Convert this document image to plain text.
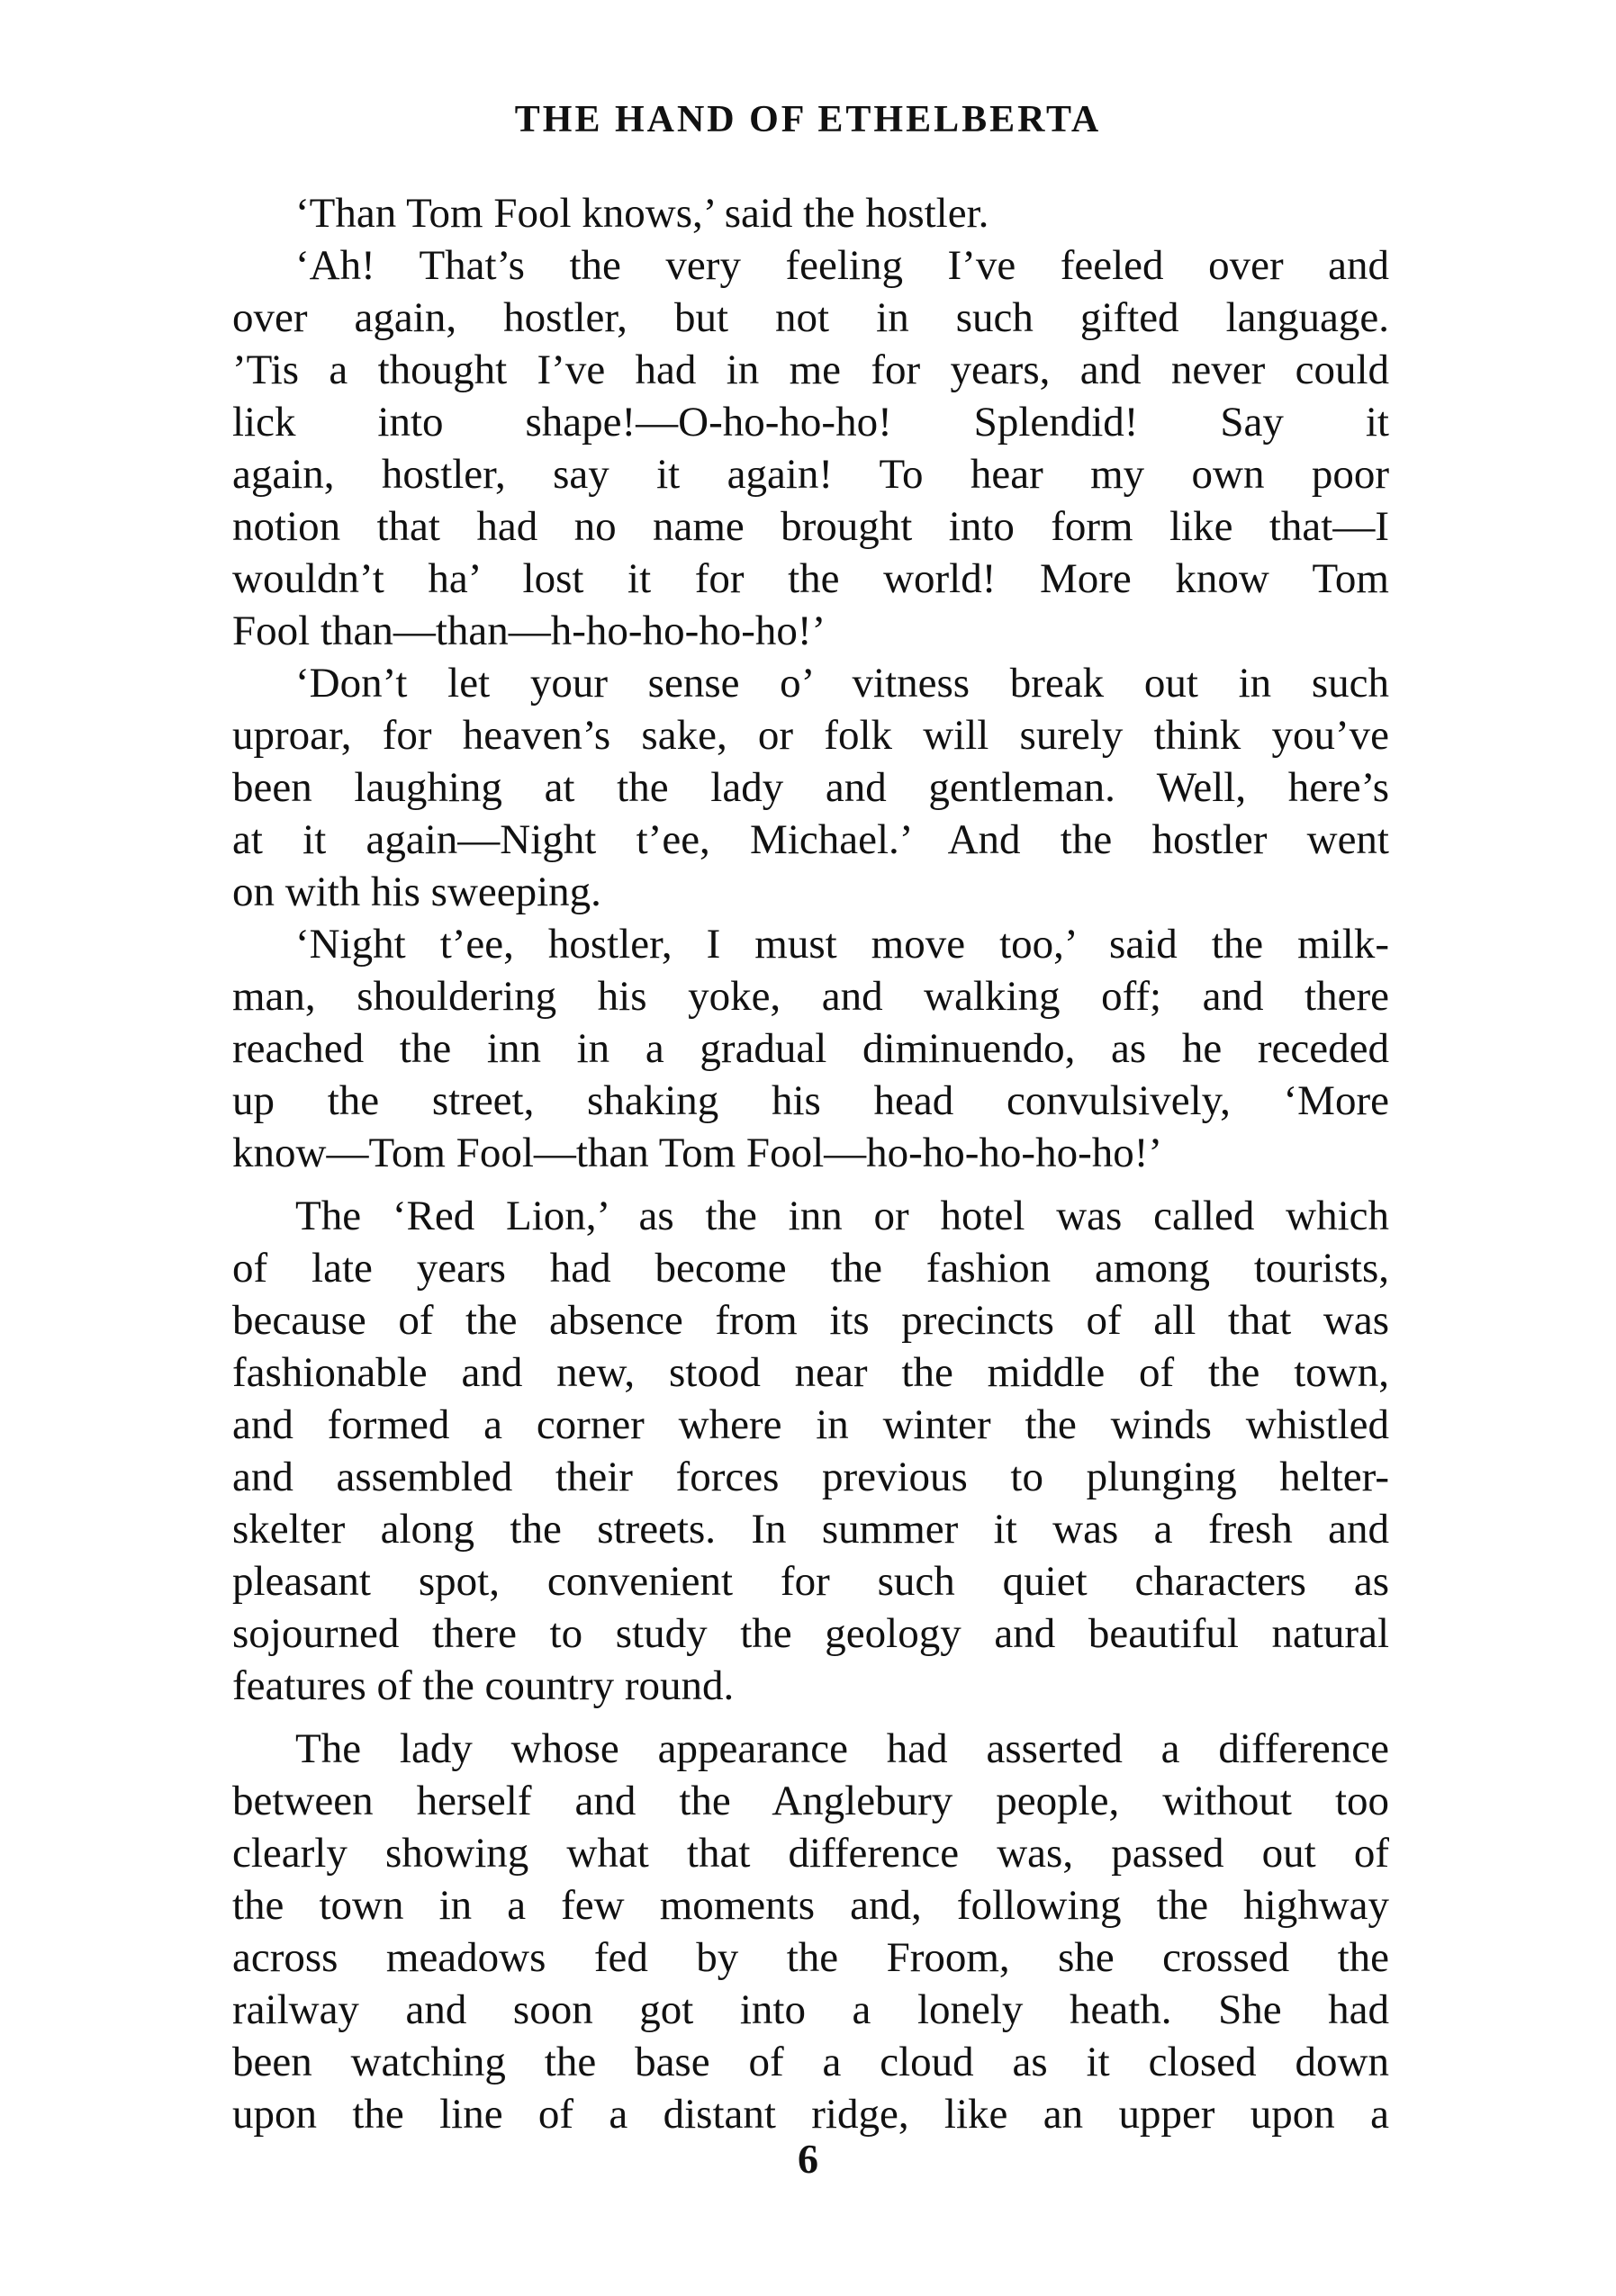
THE HAND OF ETHELBERTA
‘Than Tom Fool knows,’ said the hostler.
‘Ah! That’s the very feeling I’ve feeled over and
over again, hostler, but not in such gifted language.
’Tis a thought I’ve had in me for years, and never could
lick into shape!—O-ho-ho-ho! Splendid! Say it
again, hostler, say it again! To hear my own poor
notion that had no name brought into form like that—I
wouldn’t ha’ lost it for the world! More know Tom
Fool than—than—h-ho-ho-ho-ho!’
‘Don’t let your sense o’ vitness break out in such
uproar, for heaven’s sake, or folk will surely think you’ve
been laughing at the lady and gentleman. Well, here’s
at it again—Night t’ee, Michael.’ And the hostler went
on with his sweeping.
‘Night t’ee, hostler, I must move too,’ said the milk-
man, shouldering his yoke, and walking off; and there
reached the inn in a gradual diminuendo, as he receded
up the street, shaking his head convulsively, ‘More
know—Tom Fool—than Tom Fool—ho-ho-ho-ho-ho!’
The ‘Red Lion,’ as the inn or hotel was called which
of late years had become the fashion among tourists,
because of the absence from its precincts of all that was
fashionable and new, stood near the middle of the town,
and formed a corner where in winter the winds whistled
and assembled their forces previous to plunging helter-
skelter along the streets. In summer it was a fresh and
pleasant spot, convenient for such quiet characters as
sojourned there to study the geology and beautiful natural
features of the country round.
The lady whose appearance had asserted a difference
between herself and the Anglebury people, without too
clearly showing what that difference was, passed out of
the town in a few moments and, following the highway
across meadows fed by the Froom, she crossed the
railway and soon got into a lonely heath. She had
been watching the base of a cloud as it closed down
upon the line of a distant ridge, like an upper upon a

6
